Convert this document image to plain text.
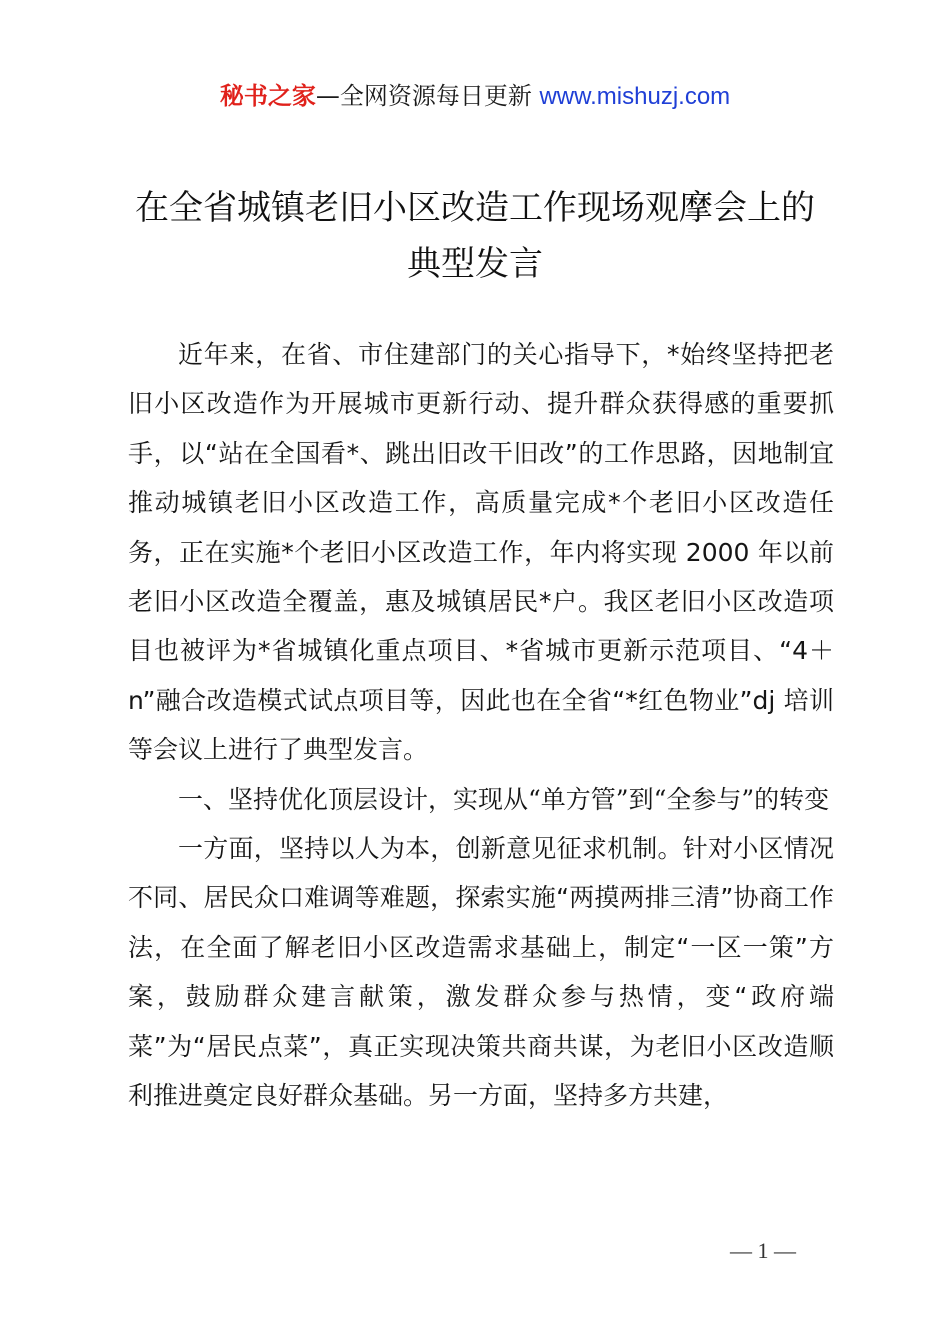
秘书之家—全网资源每日更新 www.mishuzj.com
在全省城镇老旧小区改造工作现场观摩会上的
典型发言

近年来，在省、市住建部门的关心指导下，*始终坚持把老旧小区改造作为开展城市更新行动、提升群众获得感的重要抓手，以“站在全国看*、跳出旧改干旧改”的工作思路，因地制宜推动城镇老旧小区改造工作，高质量完成*个老旧小区改造任务，正在实施*个老旧小区改造工作，年内将实现 2000 年以前老旧小区改造全覆盖，惠及城镇居民*户。我区老旧小区改造项目也被评为*省城镇化重点项目、*省城市更新示范项目、“4＋n”融合改造模式试点项目等，因此也在全省“*红色物业”dj 培训等会议上进行了典型发言。

一、坚持优化顶层设计，实现从“单方管”到“全参与”的转变

一方面，坚持以人为本，创新意见征求机制。针对小区情况不同、居民众口难调等难题，探索实施“两摸两排三清”协商工作法，在全面了解老旧小区改造需求基础上，制定“一区一策”方案，鼓励群众建言献策，激发群众参与热情，变“政府端菜”为“居民点菜”，真正实现决策共商共谋，为老旧小区改造顺利推进奠定良好群众基础。另一方面，坚持多方共建，

— 1 —
